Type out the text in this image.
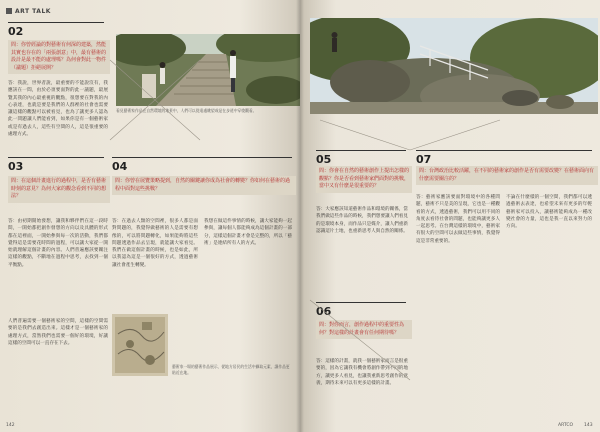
ART TALK
02
問：你曾經論的對藝術有何深的建築，然能其實也存在的「兩張創意」中，最有藝術的設計是最不能的處理嗎？為何會對此一物件（議題）拒絕展開？
答：我說，世界者說，最重要的不能說沒有，我應該在一間，由於必須要面對的此一議題，最展覽其我的內心最重視的觀點，很想要在對我的內心表達，也就是要是我們的人群裡的社會也需要讓這樣的觀點可以被看見，也為了讓更多人認為此一問題讓人們能看到，如果你是有一個藝術家或是有過去人，這些有空間的人，這是很重要的處理方式。
看見藝術家作品在自然環境的地景中，人們可以從遠處眺望或是在步道中穿梭觀看。
03
問：在這個計畫進行的過程中，是否有藝術時刻的意見？為何大家的觀念看到不同的想法？
答：由初期開始發想，讓我和夥伴們在這一段時間，一開始都把創作發想的方向以及具體的形式都在這裡面，一開始參與每一次的活動，我們都覺得這是需要花時間的過程，可以讓大家從一開始就理解這個計畫的內容。人們普遍應該要關注這樣的觀點，不斷地在過程中思考，去找到一個平衡點。
人們普遍需要一個藝術家的空間，這樣的空間需要的是我們去創造出來。這樣才是一個藝術家的處理方式，當然我們也需要一個好的環境，好讓這樣的空間可以一直存在下去。
04
問：你曾在展覽策略提到，自然的關鍵讓你成為社會的轉變？你如何在藝術的過程中面對這些挑戰？
答：在過去人類的空間裡，很多人都是面對問題的，我覺得做藝術的人是需要有想像的，可以將問題轉化，如果能夠將這些問題透過作品去呈現，就能讓大家看見。我們在做這個計畫的時候，也是如此，所以我認為這是一個很好的方式，透過藝術讓社會產生轉變。
我想在做這件事情的時候，讓大家能夠一起參與，讓每個人都能夠成為這個計畫的一部分，這樣這個計畫才會是完整的，所以「藝術」是連結所有人的方式。
藝術家一場的藝術作品展示，從地方居民的生活中擷取元素，讓作品更貼近在地。
142
05
問：你會在自然的藝術創作上提出怎樣的觀點？你是否看到藝術家們面對的挑戰，當中又有什麼是很重要的？
答：大家應該知道藝術作品和環境的關係，當我們做這些作品的時候，我們想要讓人們看見的是環境本身，而作品只是媒介，讓人們重新認識這片土地，也重新思考人與自然的關係。
06
問：對你而言，創作過程中的重要性為何？對這樣的計畫會有任何期待嗎？
答：這樣的計畫，就我一個藝術家而言是很重要的，因為它讓我有機會將創作帶到不同的地方，讓更多人看見，也讓我重新思考創作的意義，期待未來可以有更多這樣的計畫。
07
問：台灣政治比較活躍，在不同的藝術家的創作是否有需要改變？在藝術面向有什麼需要關注的？
答：藝術家應該要面對環境中的各種問題，藝術不只是美的呈現，它也是一種觀看的方式，透過藝術，我們可以用不同的角度去看待社會的問題，也能夠讓更多人一起思考。在台灣這樣的環境中，藝術家有很大的空間可以去做這些事情，我覺得這是非常重要的。
不論在什麼樣的一個空間，我們都可以透過藝術去表達，也希望未來有更多的年輕藝術家可以投入，讓藝術能夠成為一種改變社會的力量，這也是我一直以來努力的方向。
ARTCO 143
